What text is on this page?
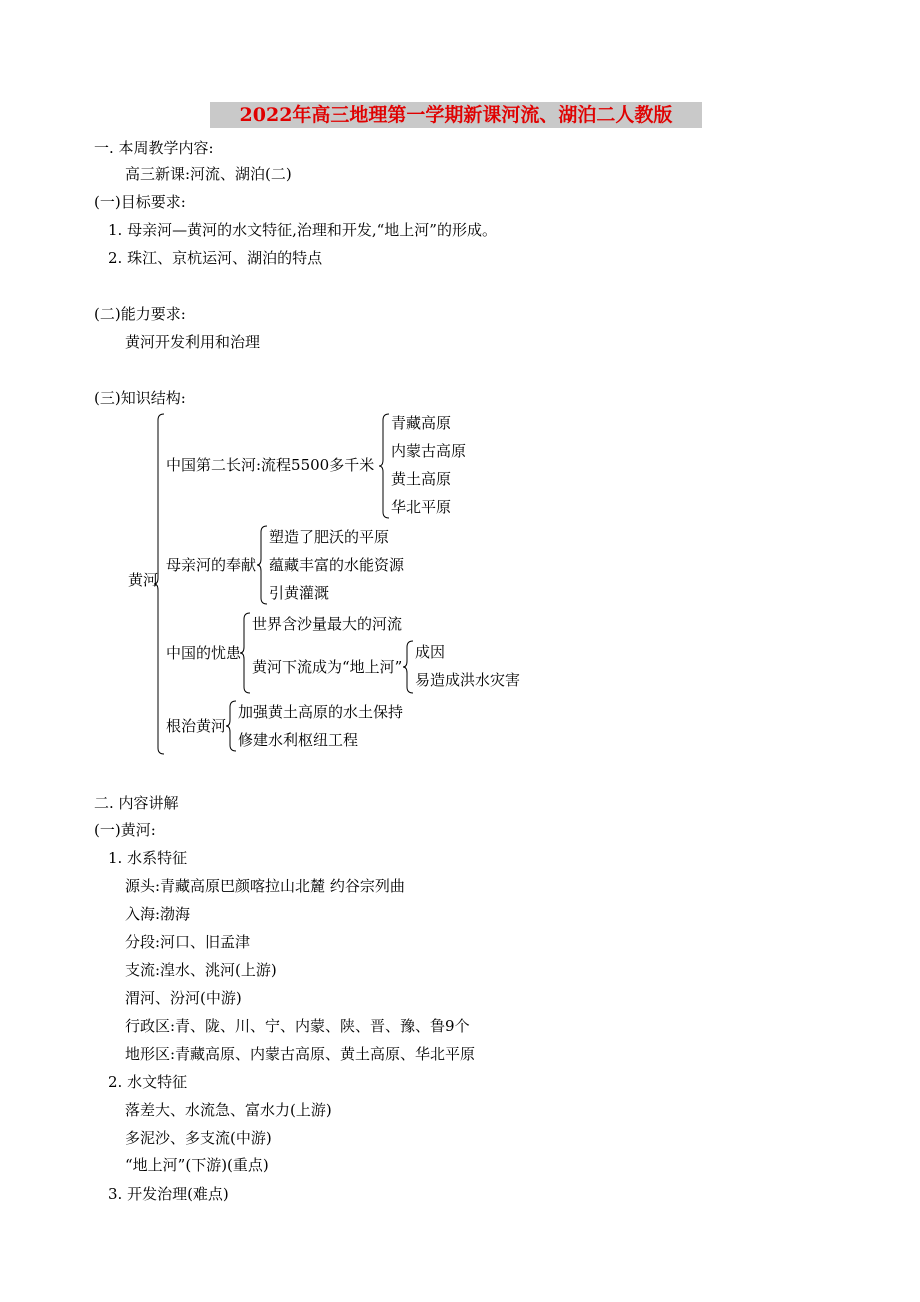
2022年高三地理第一学期新课河流、湖泊二人教版
一. 本周教学内容:
高三新课:河流、湖泊(二)
(一)目标要求:
1. 母亲河—黄河的水文特征,治理和开发,“地上河”的形成。
2. 珠江、京杭运河、湖泊的特点
(二)能力要求:
黄河开发利用和治理
(三)知识结构:
黄河
中国第二长河:流程5500多千米
青藏高原
内蒙古高原
黄土高原
华北平原
母亲河的奉献
塑造了肥沃的平原
蕴藏丰富的水能资源
引黄灌溉
中国的忧患
世界含沙量最大的河流
黄河下流成为“地上河”
成因
易造成洪水灾害
根治黄河
加强黄土高原的水土保持
修建水利枢纽工程
二. 内容讲解
(一)黄河:
1. 水系特征
源头:青藏高原巴颜喀拉山北麓 约谷宗列曲
入海:渤海
分段:河口、旧孟津
支流:湟水、洮河(上游)
渭河、汾河(中游)
行政区:青、陇、川、宁、内蒙、陕、晋、豫、鲁9个
地形区:青藏高原、内蒙古高原、黄土高原、华北平原
2. 水文特征
落差大、水流急、富水力(上游)
多泥沙、多支流(中游)
“地上河”(下游)(重点)
3. 开发治理(难点)
